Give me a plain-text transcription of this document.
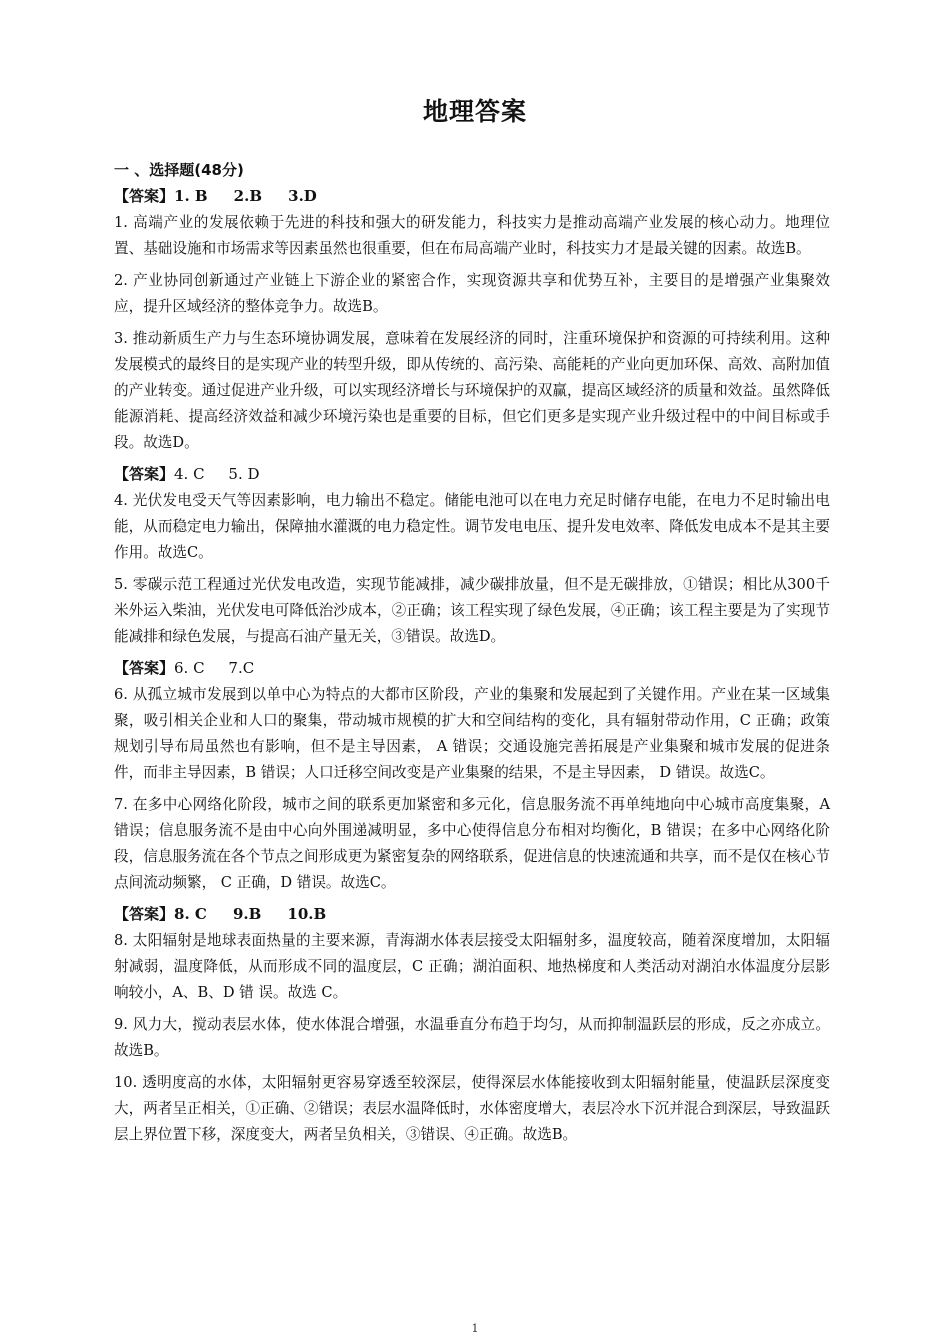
地理答案
一 、选择题(48分)
【答案】1. B     2.B     3.D

1. 高端产业的发展依赖于先进的科技和强大的研发能力，科技实力是推动高端产业发展的核心动力。地理位置、基础设施和市场需求等因素虽然也很重要，但在布局高端产业时，科技实力才是最关键的因素。故选B。

2. 产业协同创新通过产业链上下游企业的紧密合作，实现资源共享和优势互补，主要目的是增强产业集聚效应，提升区域经济的整体竞争力。故选B。

3. 推动新质生产力与生态环境协调发展，意味着在发展经济的同时，注重环境保护和资源的可持续利用。这种发展模式的最终目的是实现产业的转型升级，即从传统的、高污染、高能耗的产业向更加环保、高效、高附加值的产业转变。通过促进产业升级，可以实现经济增长与环境保护的双赢，提高区域经济的质量和效益。虽然降低能源消耗、提高经济效益和减少环境污染也是重要的目标，但它们更多是实现产业升级过程中的中间目标或手段。故选D。

【答案】4. C     5. D

4. 光伏发电受天气等因素影响，电力输出不稳定。储能电池可以在电力充足时储存电能，在电力不足时输出电能，从而稳定电力输出，保障抽水灌溉的电力稳定性。调节发电电压、提升发电效率、降低发电成本不是其主要作用。故选C。

5. 零碳示范工程通过光伏发电改造，实现节能减排，减少碳排放量，但不是无碳排放，①错误；相比从300千米外运入柴油，光伏发电可降低治沙成本，②正确；该工程实现了绿色发展，④正确；该工程主要是为了实现节能减排和绿色发展，与提高石油产量无关，③错误。故选D。

【答案】6. C     7.C

6. 从孤立城市发展到以单中心为特点的大都市区阶段，产业的集聚和发展起到了关键作用。产业在某一区域集聚，吸引相关企业和人口的聚集，带动城市规模的扩大和空间结构的变化，具有辐射带动作用，C 正确；政策规划引导布局虽然也有影响，但不是主导因素， A 错误；交通设施完善拓展是产业集聚和城市发展的促进条件，而非主导因素，B 错误；人口迁移空间改变是产业集聚的结果，不是主导因素， D 错误。故选C。

7. 在多中心网络化阶段，城市之间的联系更加紧密和多元化，信息服务流不再单纯地向中心城市高度集聚，A 错误；信息服务流不是由中心向外围递减明显，多中心使得信息分布相对均衡化，B 错误；在多中心网络化阶段，信息服务流在各个节点之间形成更为紧密复杂的网络联系，促进信息的快速流通和共享，而不是仅在核心节点间流动频繁， C 正确，D 错误。故选C。

【答案】8. C     9.B     10.B

8. 太阳辐射是地球表面热量的主要来源，青海湖水体表层接受太阳辐射多，温度较高，随着深度增加，太阳辐射减弱，温度降低，从而形成不同的温度层，C 正确；湖泊面积、地热梯度和人类活动对湖泊水体温度分层影响较小，A、B、D 错 误。故选 C。

9. 风力大，搅动表层水体，使水体混合增强，水温垂直分布趋于均匀，从而抑制温跃层的形成，反之亦成立。故选B。

10. 透明度高的水体，太阳辐射更容易穿透至较深层，使得深层水体能接收到太阳辐射能量，使温跃层深度变大，两者呈正相关，①正确、②错误；表层水温降低时，水体密度增大，表层冷水下沉并混合到深层，导致温跃层上界位置下移，深度变大，两者呈负相关，③错误、④正确。故选B。

1
